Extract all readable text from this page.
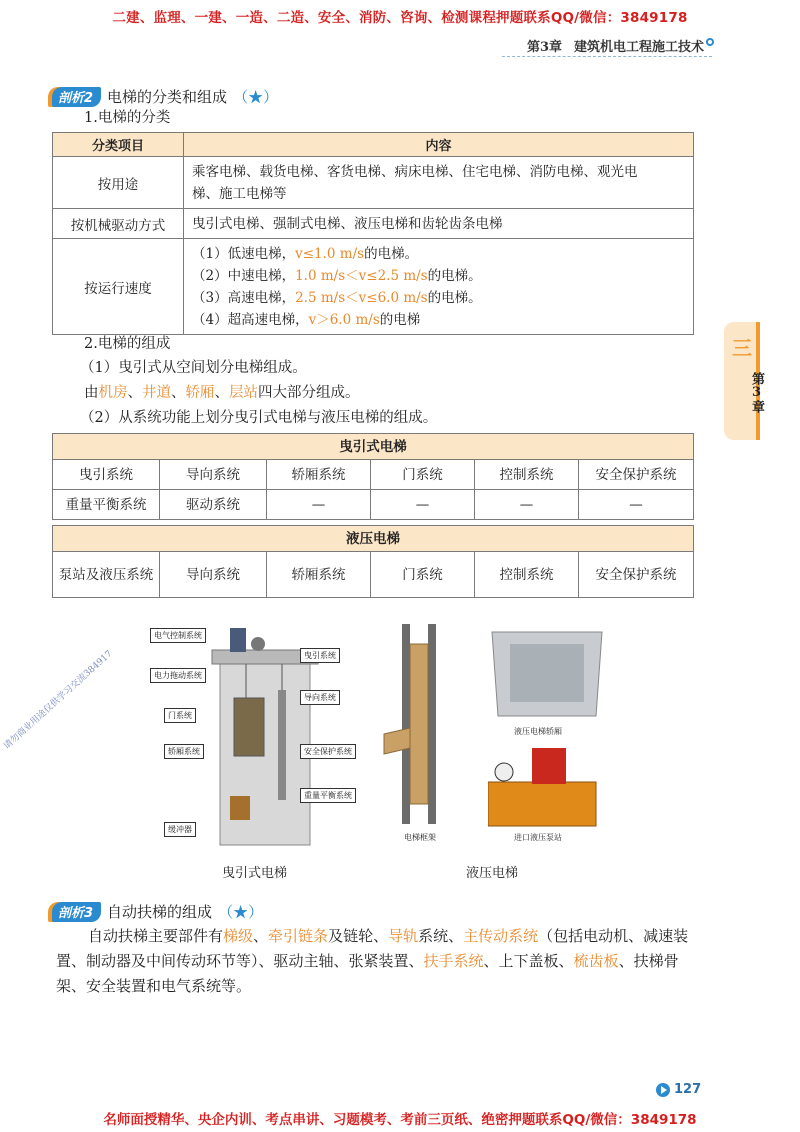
二建、监理、一建、一造、二造、安全、消防、咨询、检测课程押题联系QQ/微信：3849178
第3章 建筑机电工程施工技术
剖析2 电梯的分类和组成 （★）
1.电梯的分类
分类项目	内容
按用途	乘客电梯、载货电梯、客货电梯、病床电梯、住宅电梯、消防电梯、观光电
梯、施工电梯等

按机械驱动方式	曳引式电梯、强制式电梯、液压电梯和齿轮齿条电梯
按运行速度	（1）低速电梯，v≤1.0 m/s的电梯。
（2）中速电梯，1.0 m/s＜v≤2.5 m/s的电梯。
（3）高速电梯，2.5 m/s＜v≤6.0 m/s的电梯。
（4）超高速电梯，v＞6.0 m/s的电梯
2.电梯的组成
（1）曳引式从空间划分电梯组成。
由机房、井道、轿厢、层站四大部分组成。
（2）从系统功能上划分曳引式电梯与液压电梯的组成。
曳引式电梯					
曳引系统	导向系统	轿厢系统	门系统	控制系统	安全保护系统
重量平衡系统	驱动系统	—	—	—	—

液压电梯					
泵站及液压系统	导向系统	轿厢系统	门系统	控制系统	安全保护系统
三
第3章
电气控制系统
电力拖动系统
门系统
轿厢系统
缓冲器
曳引系统
导向系统
安全保护系统
重量平衡系统
曳引式电梯
电梯框架
液压电梯轿厢
进口液压泵站
液压电梯
剖析3 自动扶梯的组成 （★）
自动扶梯主要部件有梯级、牵引链条及链轮、导轨系统、主传动系统（包括电动机、减速装置、制动器及中间传动环节等）、驱动主轴、张紧装置、扶手系统、上下盖板、梳齿板、扶梯骨架、安全装置和电气系统等。
127
名师面授精华、央企内训、考点串讲、习题模考、考前三页纸、绝密押题联系QQ/微信：3849178
请勿商业用途仅供学习交流384917
